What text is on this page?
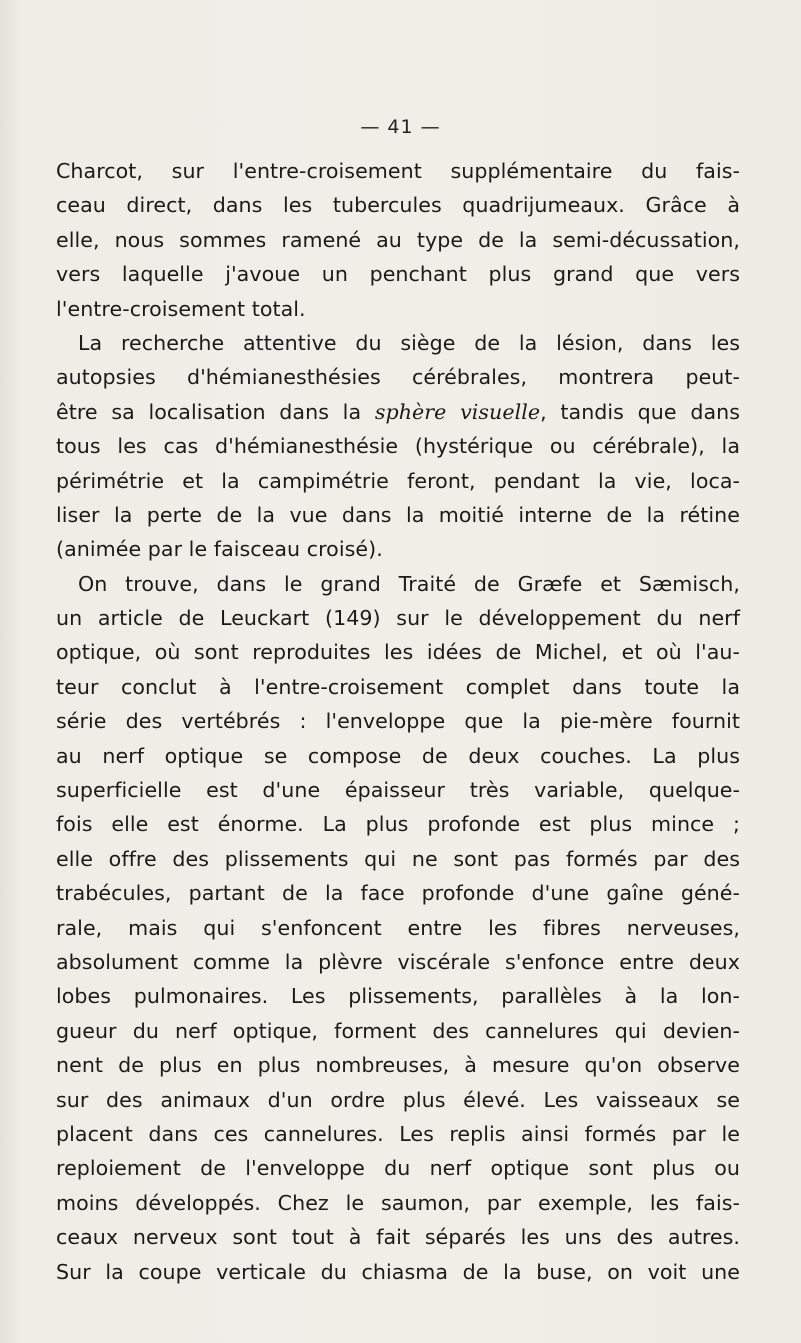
— 41 —
Charcot, sur l'entre-croisement supplémentaire du fais-
ceau direct, dans les tubercules quadrijumeaux. Grâce à
elle, nous sommes ramené au type de la semi-décussation,
vers laquelle j'avoue un penchant plus grand que vers
l'entre-croisement total.
La recherche attentive du siège de la lésion, dans les
autopsies d'hémianesthésies cérébrales, montrera peut-
être sa localisation dans la sphère visuelle, tandis que dans
tous les cas d'hémianesthésie (hystérique ou cérébrale), la
périmétrie et la campimétrie feront, pendant la vie, loca-
liser la perte de la vue dans la moitié interne de la rétine
(animée par le faisceau croisé).
On trouve, dans le grand Traité de Græfe et Sæmisch,
un article de Leuckart (149) sur le développement du nerf
optique, où sont reproduites les idées de Michel, et où l'au-
teur conclut à l'entre-croisement complet dans toute la
série des vertébrés : l'enveloppe que la pie-mère fournit
au nerf optique se compose de deux couches. La plus
superficielle est d'une épaisseur très variable, quelque-
fois elle est énorme. La plus profonde est plus mince ;
elle offre des plissements qui ne sont pas formés par des
trabécules, partant de la face profonde d'une gaîne géné-
rale, mais qui s'enfoncent entre les fibres nerveuses,
absolument comme la plèvre viscérale s'enfonce entre deux
lobes pulmonaires. Les plissements, parallèles à la lon-
gueur du nerf optique, forment des cannelures qui devien-
nent de plus en plus nombreuses, à mesure qu'on observe
sur des animaux d'un ordre plus élevé. Les vaisseaux se
placent dans ces cannelures. Les replis ainsi formés par le
reploiement de l'enveloppe du nerf optique sont plus ou
moins développés. Chez le saumon, par exemple, les fais-
ceaux nerveux sont tout à fait séparés les uns des autres.
Sur la coupe verticale du chiasma de la buse, on voit une
